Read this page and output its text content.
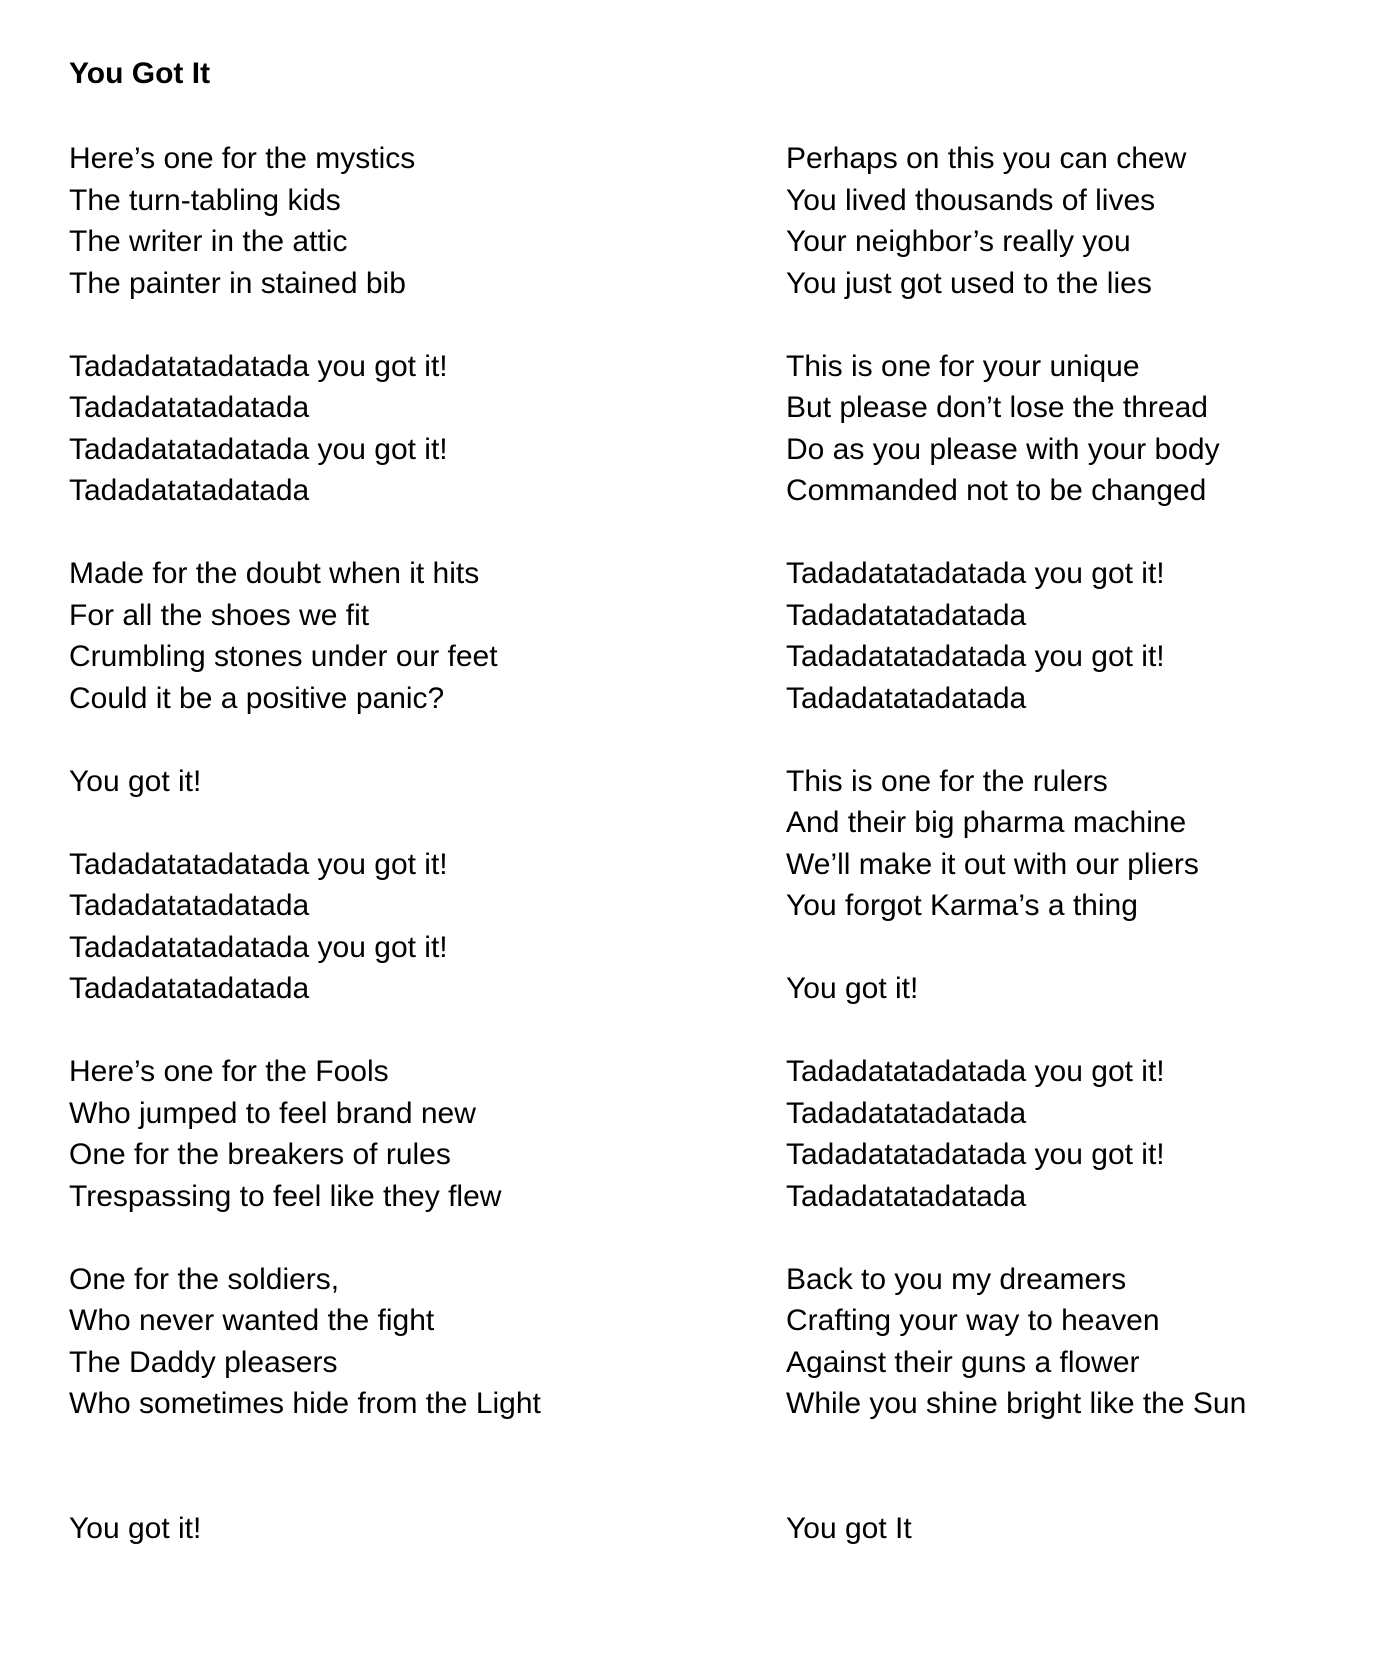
You Got It
Here’s one for the mystics
The turn-tabling kids
The writer in the attic
The painter in stained bib
Tadadatatadatada you got it!
Tadadatatadatada
Tadadatatadatada you got it!
Tadadatatadatada
Made for the doubt when it hits
For all the shoes we fit
Crumbling stones under our feet
Could it be a positive panic?
You got it!
Tadadatatadatada you got it!
Tadadatatadatada
Tadadatatadatada you got it!
Tadadatatadatada
Here’s one for the Fools
Who jumped to feel brand new
One for the breakers of rules
Trespassing to feel like they flew
One for the soldiers,
Who never wanted the fight
The Daddy pleasers
Who sometimes hide from the Light
You got it!
Perhaps on this you can chew
You lived thousands of lives
Your neighbor’s really you
You just got used to the lies
This is one for your unique
But please don’t lose the thread
Do as you please with your body
Commanded not to be changed
Tadadatatadatada you got it!
Tadadatatadatada
Tadadatatadatada you got it!
Tadadatatadatada
This is one for the rulers
And their big pharma machine
We’ll make it out with our pliers
You forgot Karma’s a thing
You got it!
Tadadatatadatada you got it!
Tadadatatadatada
Tadadatatadatada you got it!
Tadadatatadatada
Back to you my dreamers
Crafting your way to heaven
Against their guns a flower
While you shine bright like the Sun
You got It
